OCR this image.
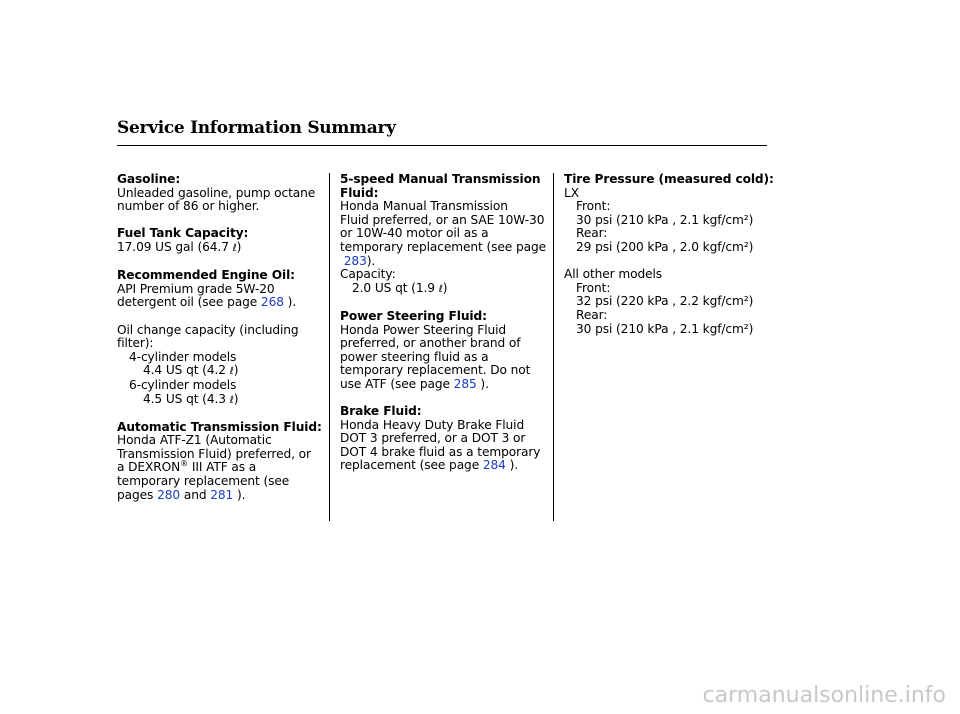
Service Information Summary

Gasoline:

Unleaded gasoline, pump octane

number of 86 or higher.

Fuel Tank Capacity:

17.09 US gal (64.7 ℓ)

Recommended Engine Oil:

API Premium grade 5W-20

detergent oil (see page 268 ).

Oil change capacity (including

filter):

4-cylinder models

4.4 US qt (4.2 ℓ)

6-cylinder models

4.5 US qt (4.3 ℓ)

Automatic Transmission Fluid:

Honda ATF-Z1 (Automatic

Transmission Fluid) preferred, or

a DEXRON® III ATF as a

temporary replacement (see

pages 280 and 281 ).

5-speed Manual Transmission

Fluid:

Honda Manual Transmission

Fluid preferred, or an SAE 10W-30

or 10W-40 motor oil as a

temporary replacement (see page

283).

Capacity:

2.0 US qt (1.9 ℓ)

Power Steering Fluid:

Honda Power Steering Fluid

preferred, or another brand of

power steering fluid as a

temporary replacement. Do not

use ATF (see page 285 ).

Brake Fluid:

Honda Heavy Duty Brake Fluid

DOT 3 preferred, or a DOT 3 or

DOT 4 brake fluid as a temporary

replacement (see page 284 ).

Tire Pressure (measured cold):

LX

Front:

30 psi (210 kPa , 2.1 kgf/cm²)

Rear:

29 psi (200 kPa , 2.0 kgf/cm²)

All other models

Front:

32 psi (220 kPa , 2.2 kgf/cm²)

Rear:

30 psi (210 kPa , 2.1 kgf/cm²)

carmanualsonline.info
